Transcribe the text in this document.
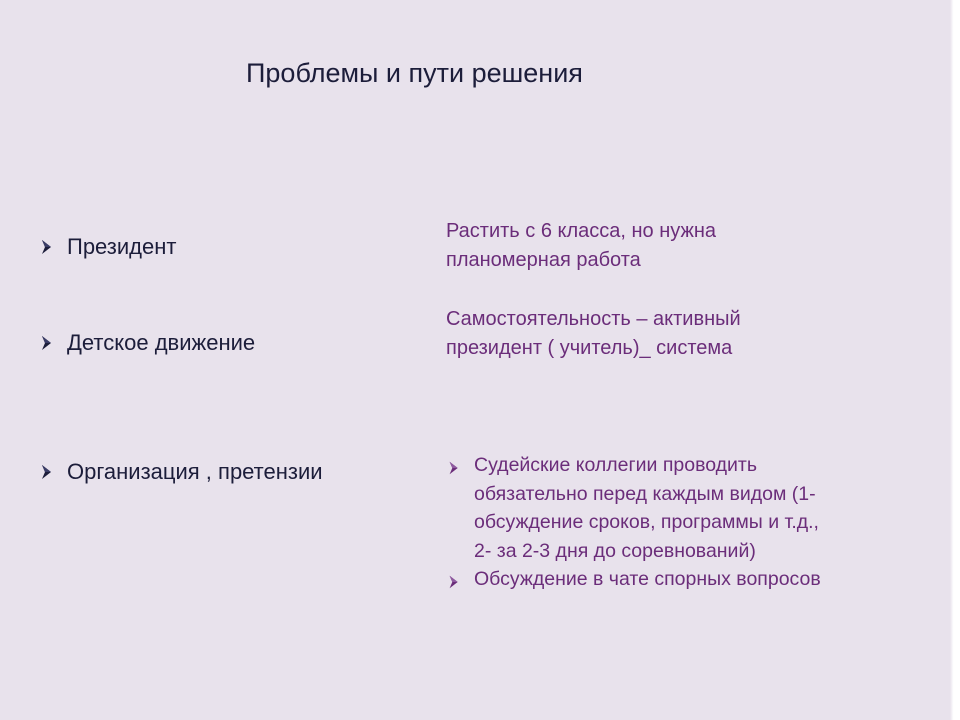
Проблемы и пути решения
Президент
Детское движение
Организация , претензии
Растить с 6 класса, но нужна
планомерная работа
Самостоятельность – активный
президент ( учитель)_ система
Судейские коллегии проводить
обязательно перед каждым видом (1-
обсуждение сроков, программы и т.д.,
2- за 2-3 дня до соревнований)
Обсуждение в чате спорных вопросов
